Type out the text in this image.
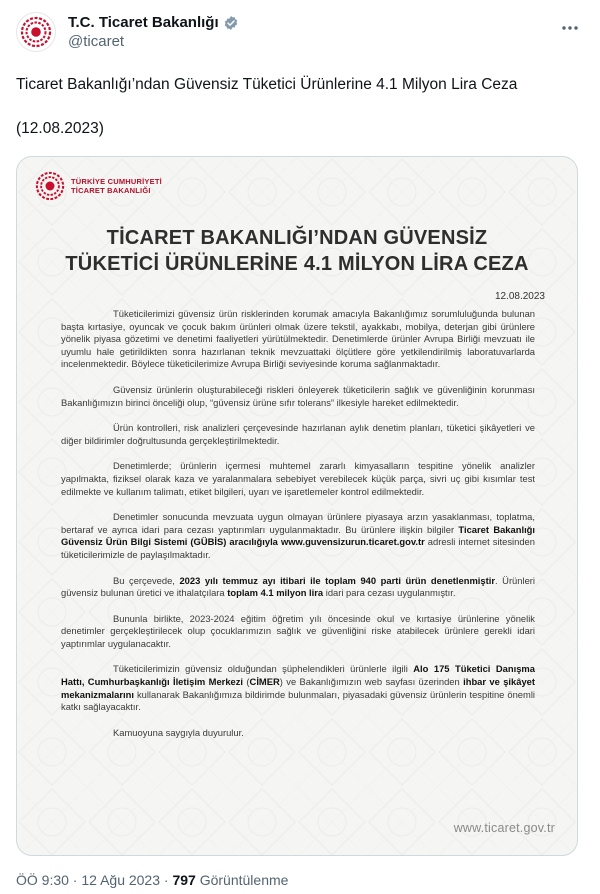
T.C. Ticaret Bakanlığı
@ticaret
Ticaret Bakanlığı’ndan Güvensiz Tüketici Ürünlerine 4.1 Milyon Lira Ceza
(12.08.2023)
TÜRKİYE CUMHURİYETİ
TİCARET BAKANLIĞI
TİCARET BAKANLIĞI’NDAN GÜVENSİZ
TÜKETİCİ ÜRÜNLERİNE 4.1 MİLYON LİRA CEZA
12.08.2023

Tüketicilerimizi güvensiz ürün risklerinden korumak amacıyla Bakanlığımız sorumluluğunda bulunan başta kırtasiye, oyuncak ve çocuk bakım ürünleri olmak üzere tekstil, ayakkabı, mobilya, deterjan gibi ürünlere yönelik piyasa gözetimi ve denetimi faaliyetleri yürütülmektedir. Denetimlerde ürünler Avrupa Birliği mevzuatı ile uyumlu hale getirildikten sonra hazırlanan teknik mevzuattaki ölçütlere göre yetkilendirilmiş laboratuvarlarda incelenmektedir. Böylece tüketicilerimize Avrupa Birliği seviyesinde koruma sağlanmaktadır.

Güvensiz ürünlerin oluşturabileceği riskleri önleyerek tüketicilerin sağlık ve güvenliğinin korunması Bakanlığımızın birinci önceliği olup, “güvensiz ürüne sıfır tolerans” ilkesiyle hareket edilmektedir.

Ürün kontrolleri, risk analizleri çerçevesinde hazırlanan aylık denetim planları, tüketici şikâyetleri ve diğer bildirimler doğrultusunda gerçekleştirilmektedir.

Denetimlerde; ürünlerin içermesi muhtemel zararlı kimyasalların tespitine yönelik analizler yapılmakta, fiziksel olarak kaza ve yaralanmalara sebebiyet verebilecek küçük parça, sivri uç gibi kısımlar test edilmekte ve kullanım talimatı, etiket bilgileri, uyarı ve işaretlemeler kontrol edilmektedir.

Denetimler sonucunda mevzuata uygun olmayan ürünlere piyasaya arzın yasaklanması, toplatma, bertaraf ve ayrıca idari para cezası yaptırımları uygulanmaktadır. Bu ürünlere ilişkin bilgiler Ticaret Bakanlığı Güvensiz Ürün Bilgi Sistemi (GÜBİS) aracılığıyla www.guvensizurun.ticaret.gov.tr adresli internet sitesinden tüketicilerimizle de paylaşılmaktadır.

Bu çerçevede, 2023 yılı temmuz ayı itibari ile toplam 940 parti ürün denetlenmiştir. Ürünleri güvensiz bulunan üretici ve ithalatçılara toplam 4.1 milyon lira idari para cezası uygulanmıştır.

Bununla birlikte, 2023-2024 eğitim öğretim yılı öncesinde okul ve kırtasiye ürünlerine yönelik denetimler gerçekleştirilecek olup çocuklarımızın sağlık ve güvenliğini riske atabilecek ürünlere gerekli idari yaptırımlar uygulanacaktır.

Tüketicilerimizin güvensiz olduğundan şüphelendikleri ürünlerle ilgili Alo 175 Tüketici Danışma Hattı, Cumhurbaşkanlığı İletişim Merkezi (CİMER) ve Bakanlığımızın web sayfası üzerinden ihbar ve şikâyet mekanizmalarını kullanarak Bakanlığımıza bildirimde bulunmaları, piyasadaki güvensiz ürünlerin tespitine önemli katkı sağlayacaktır.

Kamuoyuna saygıyla duyurulur.

www.ticaret.gov.tr
ÖÖ 9:30 · 12 Ağu 2023 · 797 Görüntülenme
